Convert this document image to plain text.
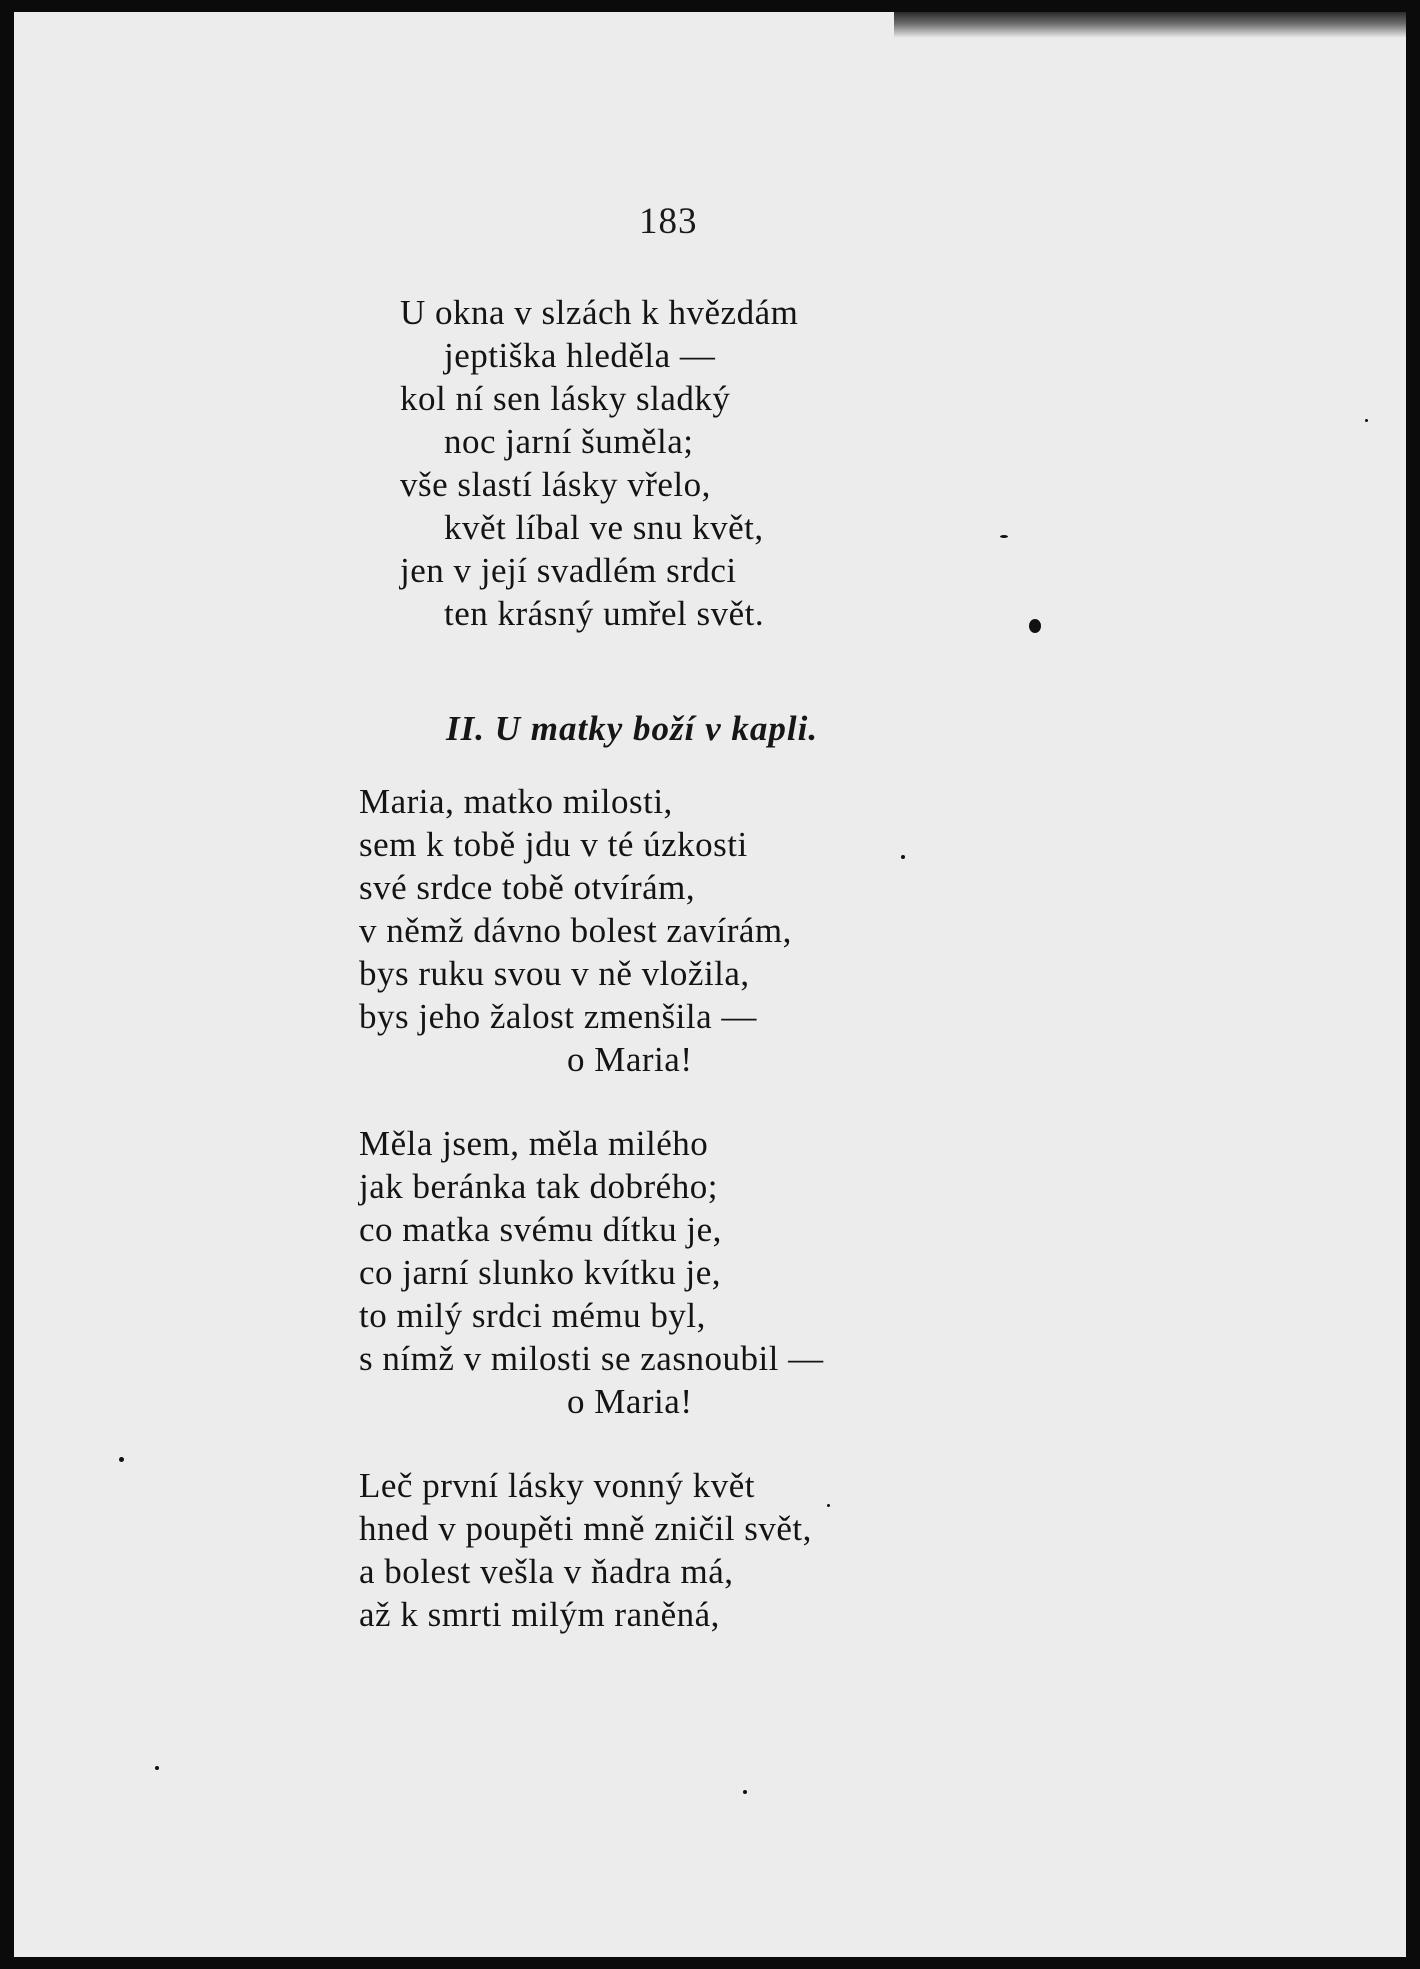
183
U okna v slzách k hvězdám
jeptiška hleděla —
kol ní sen lásky sladký
noc jarní šuměla;
vše slastí lásky vřelo,
květ líbal ve snu květ,
jen v její svadlém srdci
ten krásný umřel svět.
II. U matky boží v kapli.
Maria, matko milosti,
sem k tobě jdu v té úzkosti
své srdce tobě otvírám,
v němž dávno bolest zavírám,
bys ruku svou v ně vložila,
bys jeho žalost zmenšila —
o Maria!
Měla jsem, měla milého
jak beránka tak dobrého;
co matka svému dítku je,
co jarní slunko kvítku je,
to milý srdci mému byl,
s nímž v milosti se zasnoubil —
o Maria!
Leč první lásky vonný květ
hned v poupěti mně zničil svět,
a bolest vešla v ňadra má,
až k smrti milým raněná,
